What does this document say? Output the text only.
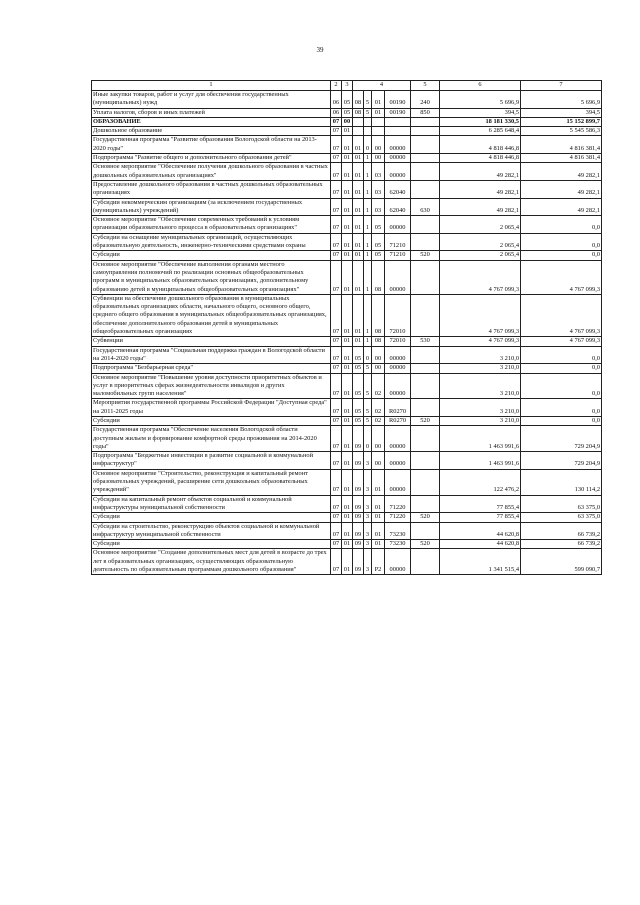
39
1	2	3	4				5	6	7
Иные закупки товаров, работ и услуг для обеспечения государственных (муниципальных) нужд	06	05	08	5	01	00190	240	5 696,9	5 696,9
Уплата налогов, сборов и иных платежей	06	05	08	5	01	00190	850	394,5	394,5
ОБРАЗОВАНИЕ	07	00						18 181 330,5	15 152 899,7
Дошкольное образование	07	01						6 285 648,4	5 545 586,3
Государственная программа "Развитие образования Вологодской области на 2013-2020 годы"	07	01	01	0	00	00000		4 818 446,8	4 816 381,4
Подпрограмма "Развитие общего и дополнительного образования детей"	07	01	01	1	00	00000		4 818 446,8	4 816 381,4
Основное мероприятие "Обеспечение получения дошкольного образования в частных дошкольных образовательных организациях"	07	01	01	1	03	00000		49 282,1	49 282,1
Предоставление дошкольного образования в частных дошкольных образовательных организациях	07	01	01	1	03	62040		49 282,1	49 282,1
Субсидии некоммерческим организациям (за исключением государственных (муниципальных) учреждений)	07	01	01	1	03	62040	630	49 282,1	49 282,1
Основное мероприятие "Обеспечение современных требований к условиям организации образовательного процесса в образовательных организациях"	07	01	01	1	05	00000		2 065,4	0,0
Субсидии на оснащение муниципальных организаций, осуществляющих образовательную деятельность, инженерно-техническими средствами охраны	07	01	01	1	05	71210		2 065,4	0,0
Субсидии	07	01	01	1	05	71210	520	2 065,4	0,0
Основное мероприятие "Обеспечение выполнения органами местного самоуправления полномочий по реализации основных общеобразовательных программ в муниципальных образовательных организациях, дополнительному образованию детей в муниципальных общеобразовательных организациях"	07	01	01	1	08	00000		4 767 099,3	4 767 099,3
Субвенции на обеспечение дошкольного образования в муниципальных образовательных организациях области, начального общего, основного общего, среднего общего образования в муниципальных общеобразовательных организациях, обеспечение дополнительного образования детей в муниципальных общеобразовательных организациях	07	01	01	1	08	72010		4 767 099,3	4 767 099,3
Субвенции	07	01	01	1	08	72010	530	4 767 099,3	4 767 099,3
Государственная программа "Социальная поддержка граждан в Вологодской области на 2014-2020 годы"	07	01	05	0	00	00000		3 210,0	0,0
Подпрограмма "Безбарьерная среда"	07	01	05	5	00	00000		3 210,0	0,0
Основное мероприятие "Повышение уровня доступности приоритетных объектов и услуг в приоритетных сферах жизнедеятельности инвалидов и других маломобильных групп населения"	07	01	05	5	02	00000		3 210,0	0,0
Мероприятия государственной программы Российской Федерации "Доступная среда" на 2011-2025 годы	07	01	05	5	02	R0270		3 210,0	0,0
Субсидии	07	01	05	5	02	R0270	520	3 210,0	0,0
Государственная программа "Обеспечение населения Вологодской области доступным жильем и формирование комфортной среды проживания на 2014-2020 годы"	07	01	09	0	00	00000		1 463 991,6	729 204,9
Подпрограмма "Бюджетные инвестиции в развитие социальной и коммунальной инфраструктур"	07	01	09	3	00	00000		1 463 991,6	729 204,9
Основное мероприятие "Строительство, реконструкция и капитальный ремонт образовательных учреждений, расширение сети дошкольных образовательных учреждений"	07	01	09	3	01	00000		122 476,2	130 114,2
Субсидии на капитальный ремонт объектов социальной и коммунальной инфраструктуры муниципальной собственности	07	01	09	3	01	71220		77 855,4	63 375,0
Субсидии	07	01	09	3	01	71220	520	77 855,4	63 375,0
Субсидии на строительство, реконструкцию объектов социальной и коммунальной инфраструктур муниципальной собственности	07	01	09	3	01	73230		44 620,8	66 739,2
Субсидии	07	01	09	3	01	73230	520	44 620,8	66 739,2
Основное мероприятие "Создание дополнительных мест для детей в возрасте до трех лет в образовательных организациях, осуществляющих образовательную деятельность по образовательным программам дошкольного образования"	07	01	09	3	P2	00000		1 341 515,4	599 090,7
